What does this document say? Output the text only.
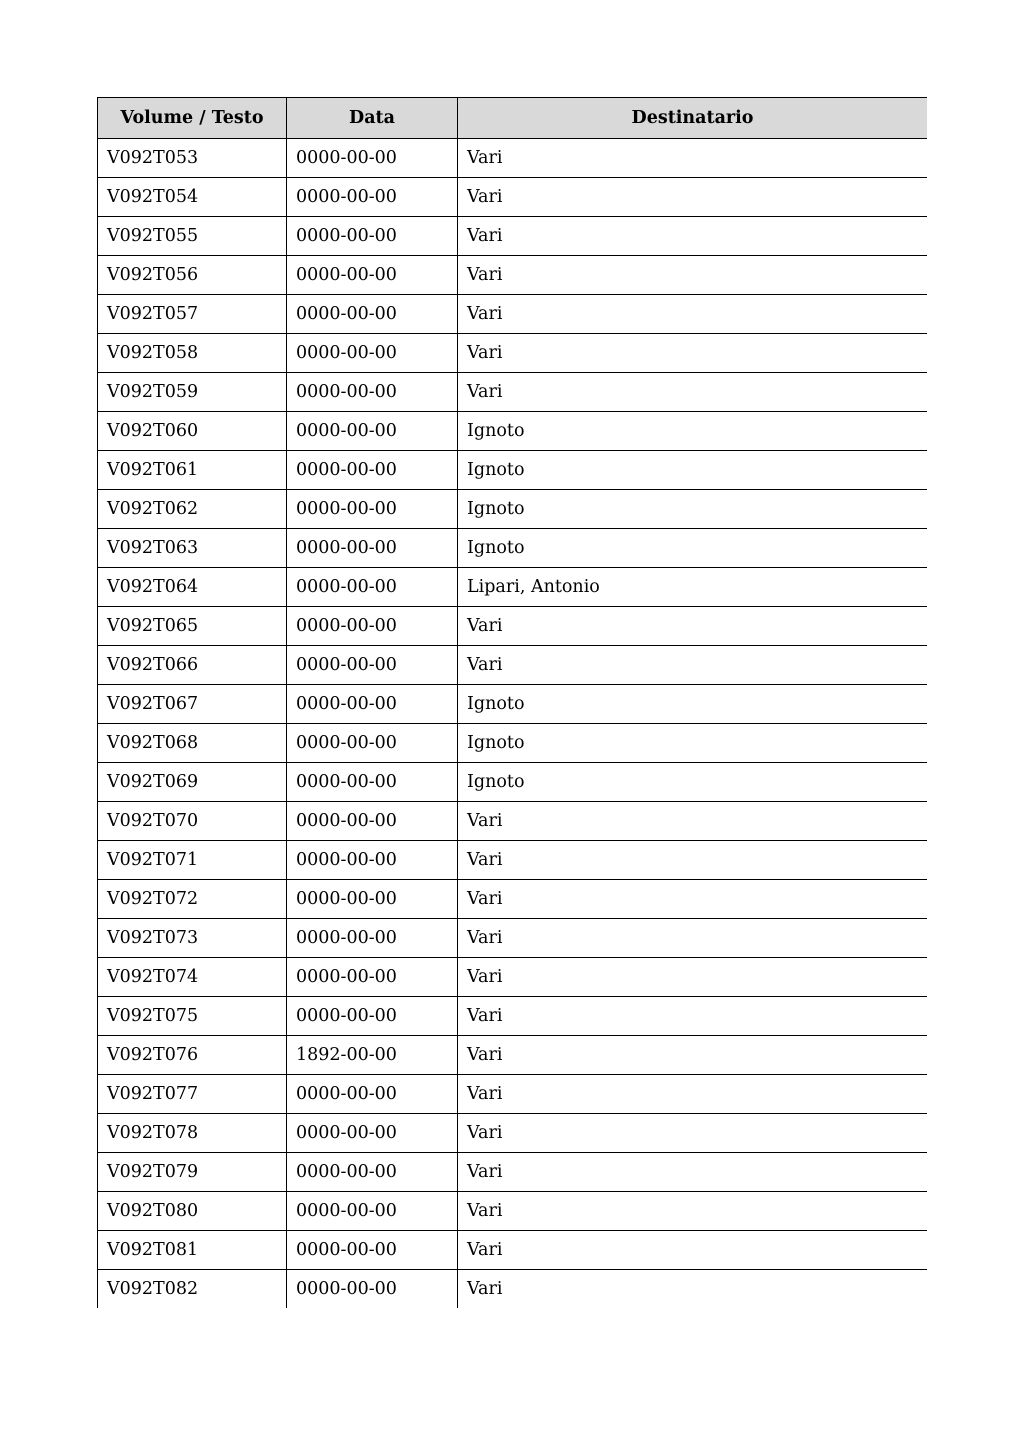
Volume / Testo	Data	Destinatario
V092T053	0000-00-00	Vari
V092T054	0000-00-00	Vari
V092T055	0000-00-00	Vari
V092T056	0000-00-00	Vari
V092T057	0000-00-00	Vari
V092T058	0000-00-00	Vari
V092T059	0000-00-00	Vari
V092T060	0000-00-00	Ignoto
V092T061	0000-00-00	Ignoto
V092T062	0000-00-00	Ignoto
V092T063	0000-00-00	Ignoto
V092T064	0000-00-00	Lipari, Antonio
V092T065	0000-00-00	Vari
V092T066	0000-00-00	Vari
V092T067	0000-00-00	Ignoto
V092T068	0000-00-00	Ignoto
V092T069	0000-00-00	Ignoto
V092T070	0000-00-00	Vari
V092T071	0000-00-00	Vari
V092T072	0000-00-00	Vari
V092T073	0000-00-00	Vari
V092T074	0000-00-00	Vari
V092T075	0000-00-00	Vari
V092T076	1892-00-00	Vari
V092T077	0000-00-00	Vari
V092T078	0000-00-00	Vari
V092T079	0000-00-00	Vari
V092T080	0000-00-00	Vari
V092T081	0000-00-00	Vari
V092T082	0000-00-00	Vari
